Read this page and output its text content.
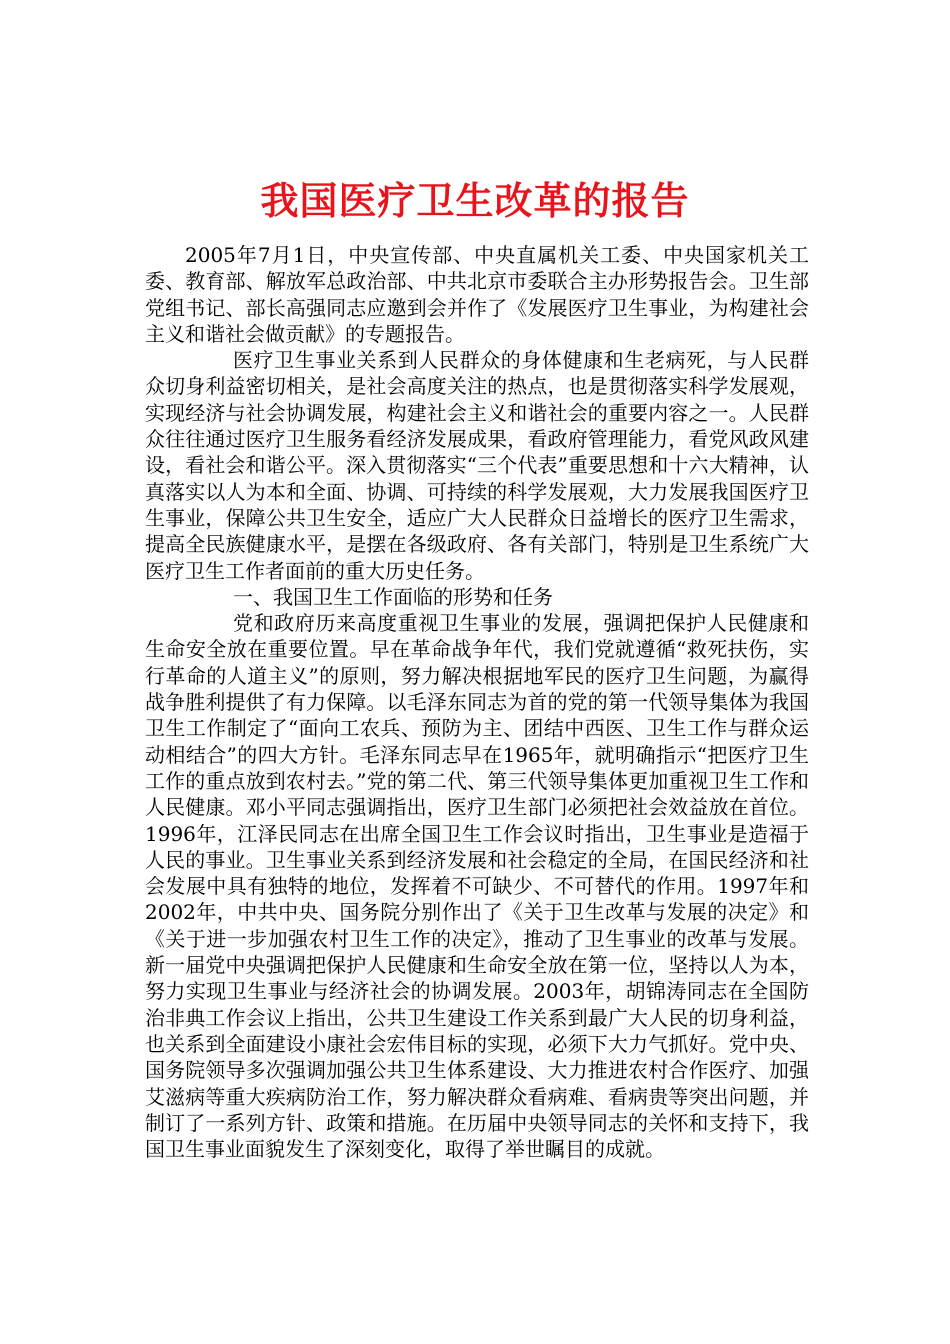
我国医疗卫生改革的报告

2005年7月1日，中央宣传部、中央直属机关工委、中央国家机关工委、教育部、解放军总政治部、中共北京市委联合主办形势报告会。卫生部党组书记、部长高强同志应邀到会并作了《发展医疗卫生事业，为构建社会主义和谐社会做贡献》的专题报告。

医疗卫生事业关系到人民群众的身体健康和生老病死，与人民群众切身利益密切相关，是社会高度关注的热点，也是贯彻落实科学发展观，实现经济与社会协调发展，构建社会主义和谐社会的重要内容之一。人民群众往往通过医疗卫生服务看经济发展成果，看政府管理能力，看党风政风建设，看社会和谐公平。深入贯彻落实“三个代表”重要思想和十六大精神，认真落实以人为本和全面、协调、可持续的科学发展观，大力发展我国医疗卫生事业，保障公共卫生安全，适应广大人民群众日益增长的医疗卫生需求，提高全民族健康水平，是摆在各级政府、各有关部门，特别是卫生系统广大医疗卫生工作者面前的重大历史任务。

一、我国卫生工作面临的形势和任务

党和政府历来高度重视卫生事业的发展，强调把保护人民健康和生命安全放在重要位置。早在革命战争年代，我们党就遵循“救死扶伤，实行革命的人道主义”的原则，努力解决根据地军民的医疗卫生问题，为赢得战争胜利提供了有力保障。以毛泽东同志为首的党的第一代领导集体为我国卫生工作制定了“面向工农兵、预防为主、团结中西医、卫生工作与群众运动相结合”的四大方针。毛泽东同志早在1965年，就明确指示“把医疗卫生工作的重点放到农村去。”党的第二代、第三代领导集体更加重视卫生工作和人民健康。邓小平同志强调指出，医疗卫生部门必须把社会效益放在首位。1996年，江泽民同志在出席全国卫生工作会议时指出，卫生事业是造福于人民的事业。卫生事业关系到经济发展和社会稳定的全局，在国民经济和社会发展中具有独特的地位，发挥着不可缺少、不可替代的作用。1997年和2002年，中共中央、国务院分别作出了《关于卫生改革与发展的决定》和《关于进一步加强农村卫生工作的决定》，推动了卫生事业的改革与发展。新一届党中央强调把保护人民健康和生命安全放在第一位，坚持以人为本，努力实现卫生事业与经济社会的协调发展。2003年，胡锦涛同志在全国防治非典工作会议上指出，公共卫生建设工作关系到最广大人民的切身利益，也关系到全面建设小康社会宏伟目标的实现，必须下大力气抓好。党中央、国务院领导多次强调加强公共卫生体系建设、大力推进农村合作医疗、加强艾滋病等重大疾病防治工作，努力解决群众看病难、看病贵等突出问题，并制订了一系列方针、政策和措施。在历届中央领导同志的关怀和支持下，我国卫生事业面貌发生了深刻变化，取得了举世瞩目的成就。
